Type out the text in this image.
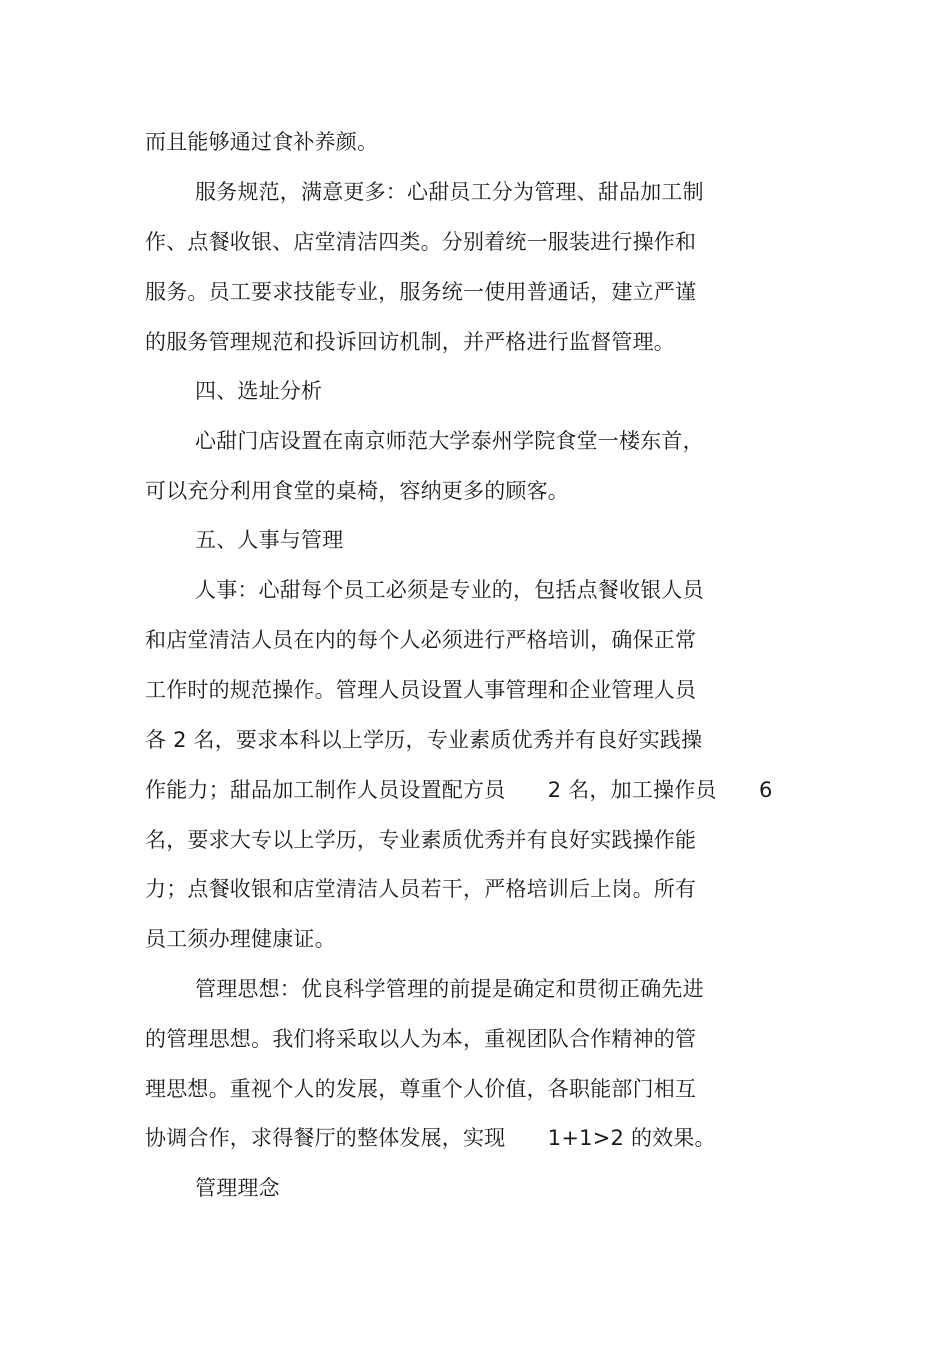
而且能够通过食补养颜。
服务规范，满意更多：心甜员工分为管理、甜品加工制
作、点餐收银、店堂清洁四类。分别着统一服装进行操作和
服务。员工要求技能专业，服务统一使用普通话，建立严谨
的服务管理规范和投诉回访机制，并严格进行监督管理。
四、选址分析
心甜门店设置在南京师范大学泰州学院食堂一楼东首，
可以充分利用食堂的桌椅，容纳更多的顾客。
五、人事与管理
人事：心甜每个员工必须是专业的，包括点餐收银人员
和店堂清洁人员在内的每个人必须进行严格培训，确保正常
工作时的规范操作。管理人员设置人事管理和企业管理人员
各 2 名，要求本科以上学历，专业素质优秀并有良好实践操
作能力；甜品加工制作人员设置配方员　　2 名，加工操作员　　6
名，要求大专以上学历，专业素质优秀并有良好实践操作能
力；点餐收银和店堂清洁人员若干，严格培训后上岗。所有
员工须办理健康证。
管理思想：优良科学管理的前提是确定和贯彻正确先进
的管理思想。我们将采取以人为本，重视团队合作精神的管
理思想。重视个人的发展，尊重个人价值，各职能部门相互
协调合作，求得餐厅的整体发展，实现　　1+1>2 的效果。
管理理念
